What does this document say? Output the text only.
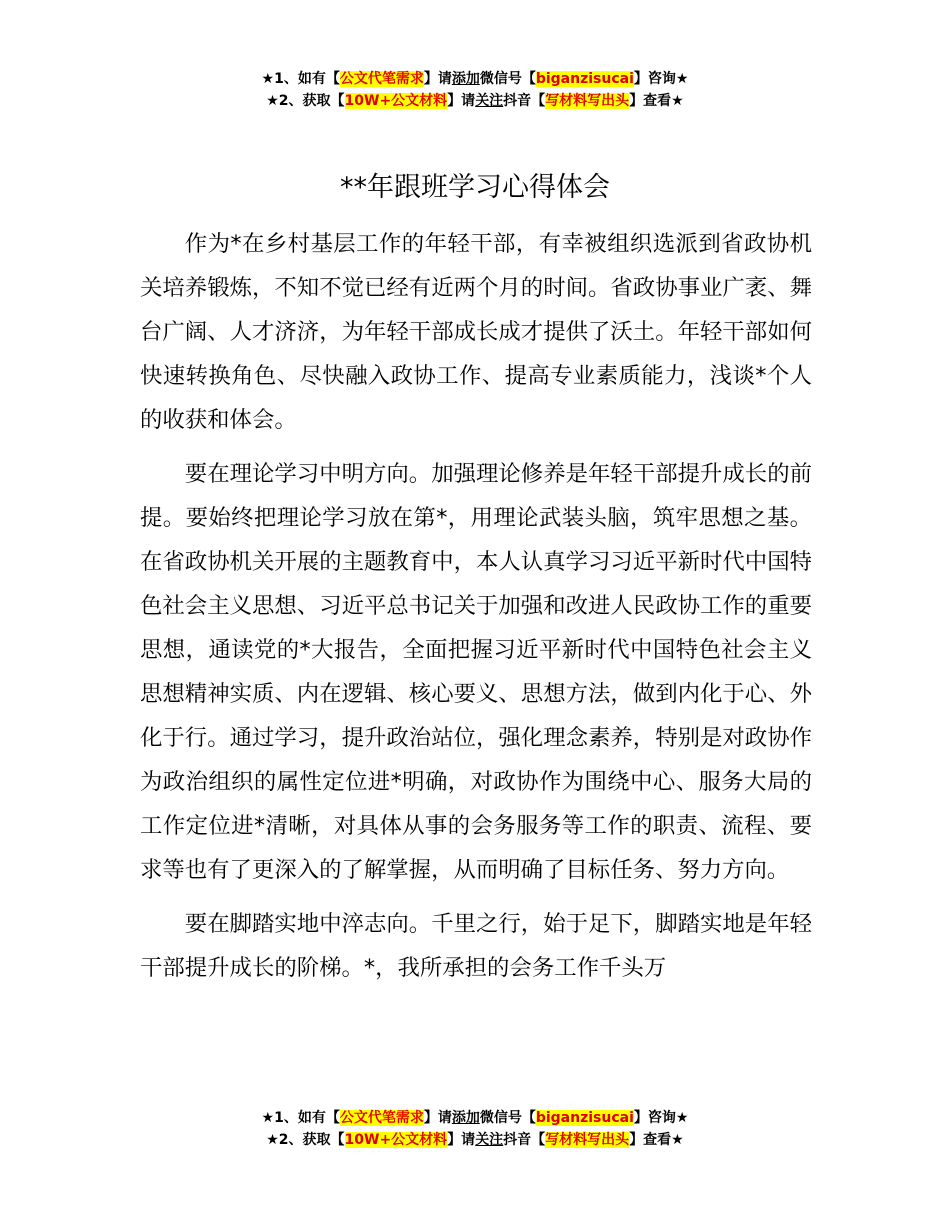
★1、如有【公文代笔需求】请添加微信号【biganzisucai】咨询★
★2、获取【10W+公文材料】请关注抖音【写材料写出头】查看★
**年跟班学习心得体会

作为*在乡村基层工作的年轻干部，有幸被组织选派到省政协机关培养锻炼，不知不觉已经有近两个月的时间。省政协事业广袤、舞台广阔、人才济济，为年轻干部成长成才提供了沃土。年轻干部如何快速转换角色、尽快融入政协工作、提高专业素质能力，浅谈*个人的收获和体会。

要在理论学习中明方向。加强理论修养是年轻干部提升成长的前提。要始终把理论学习放在第*，用理论武装头脑，筑牢思想之基。在省政协机关开展的主题教育中，本人认真学习习近平新时代中国特色社会主义思想、习近平总书记关于加强和改进人民政协工作的重要思想，通读党的*大报告，全面把握习近平新时代中国特色社会主义思想精神实质、内在逻辑、核心要义、思想方法，做到内化于心、外化于行。通过学习，提升政治站位，强化理念素养，特别是对政协作为政治组织的属性定位进*明确，对政协作为围绕中心、服务大局的工作定位进*清晰，对具体从事的会务服务等工作的职责、流程、要求等也有了更深入的了解掌握，从而明确了目标任务、努力方向。

要在脚踏实地中淬志向。千里之行，始于足下，脚踏实地是年轻干部提升成长的阶梯。*，我所承担的会务工作千头万

★1、如有【公文代笔需求】请添加微信号【biganzisucai】咨询★
★2、获取【10W+公文材料】请关注抖音【写材料写出头】查看★
